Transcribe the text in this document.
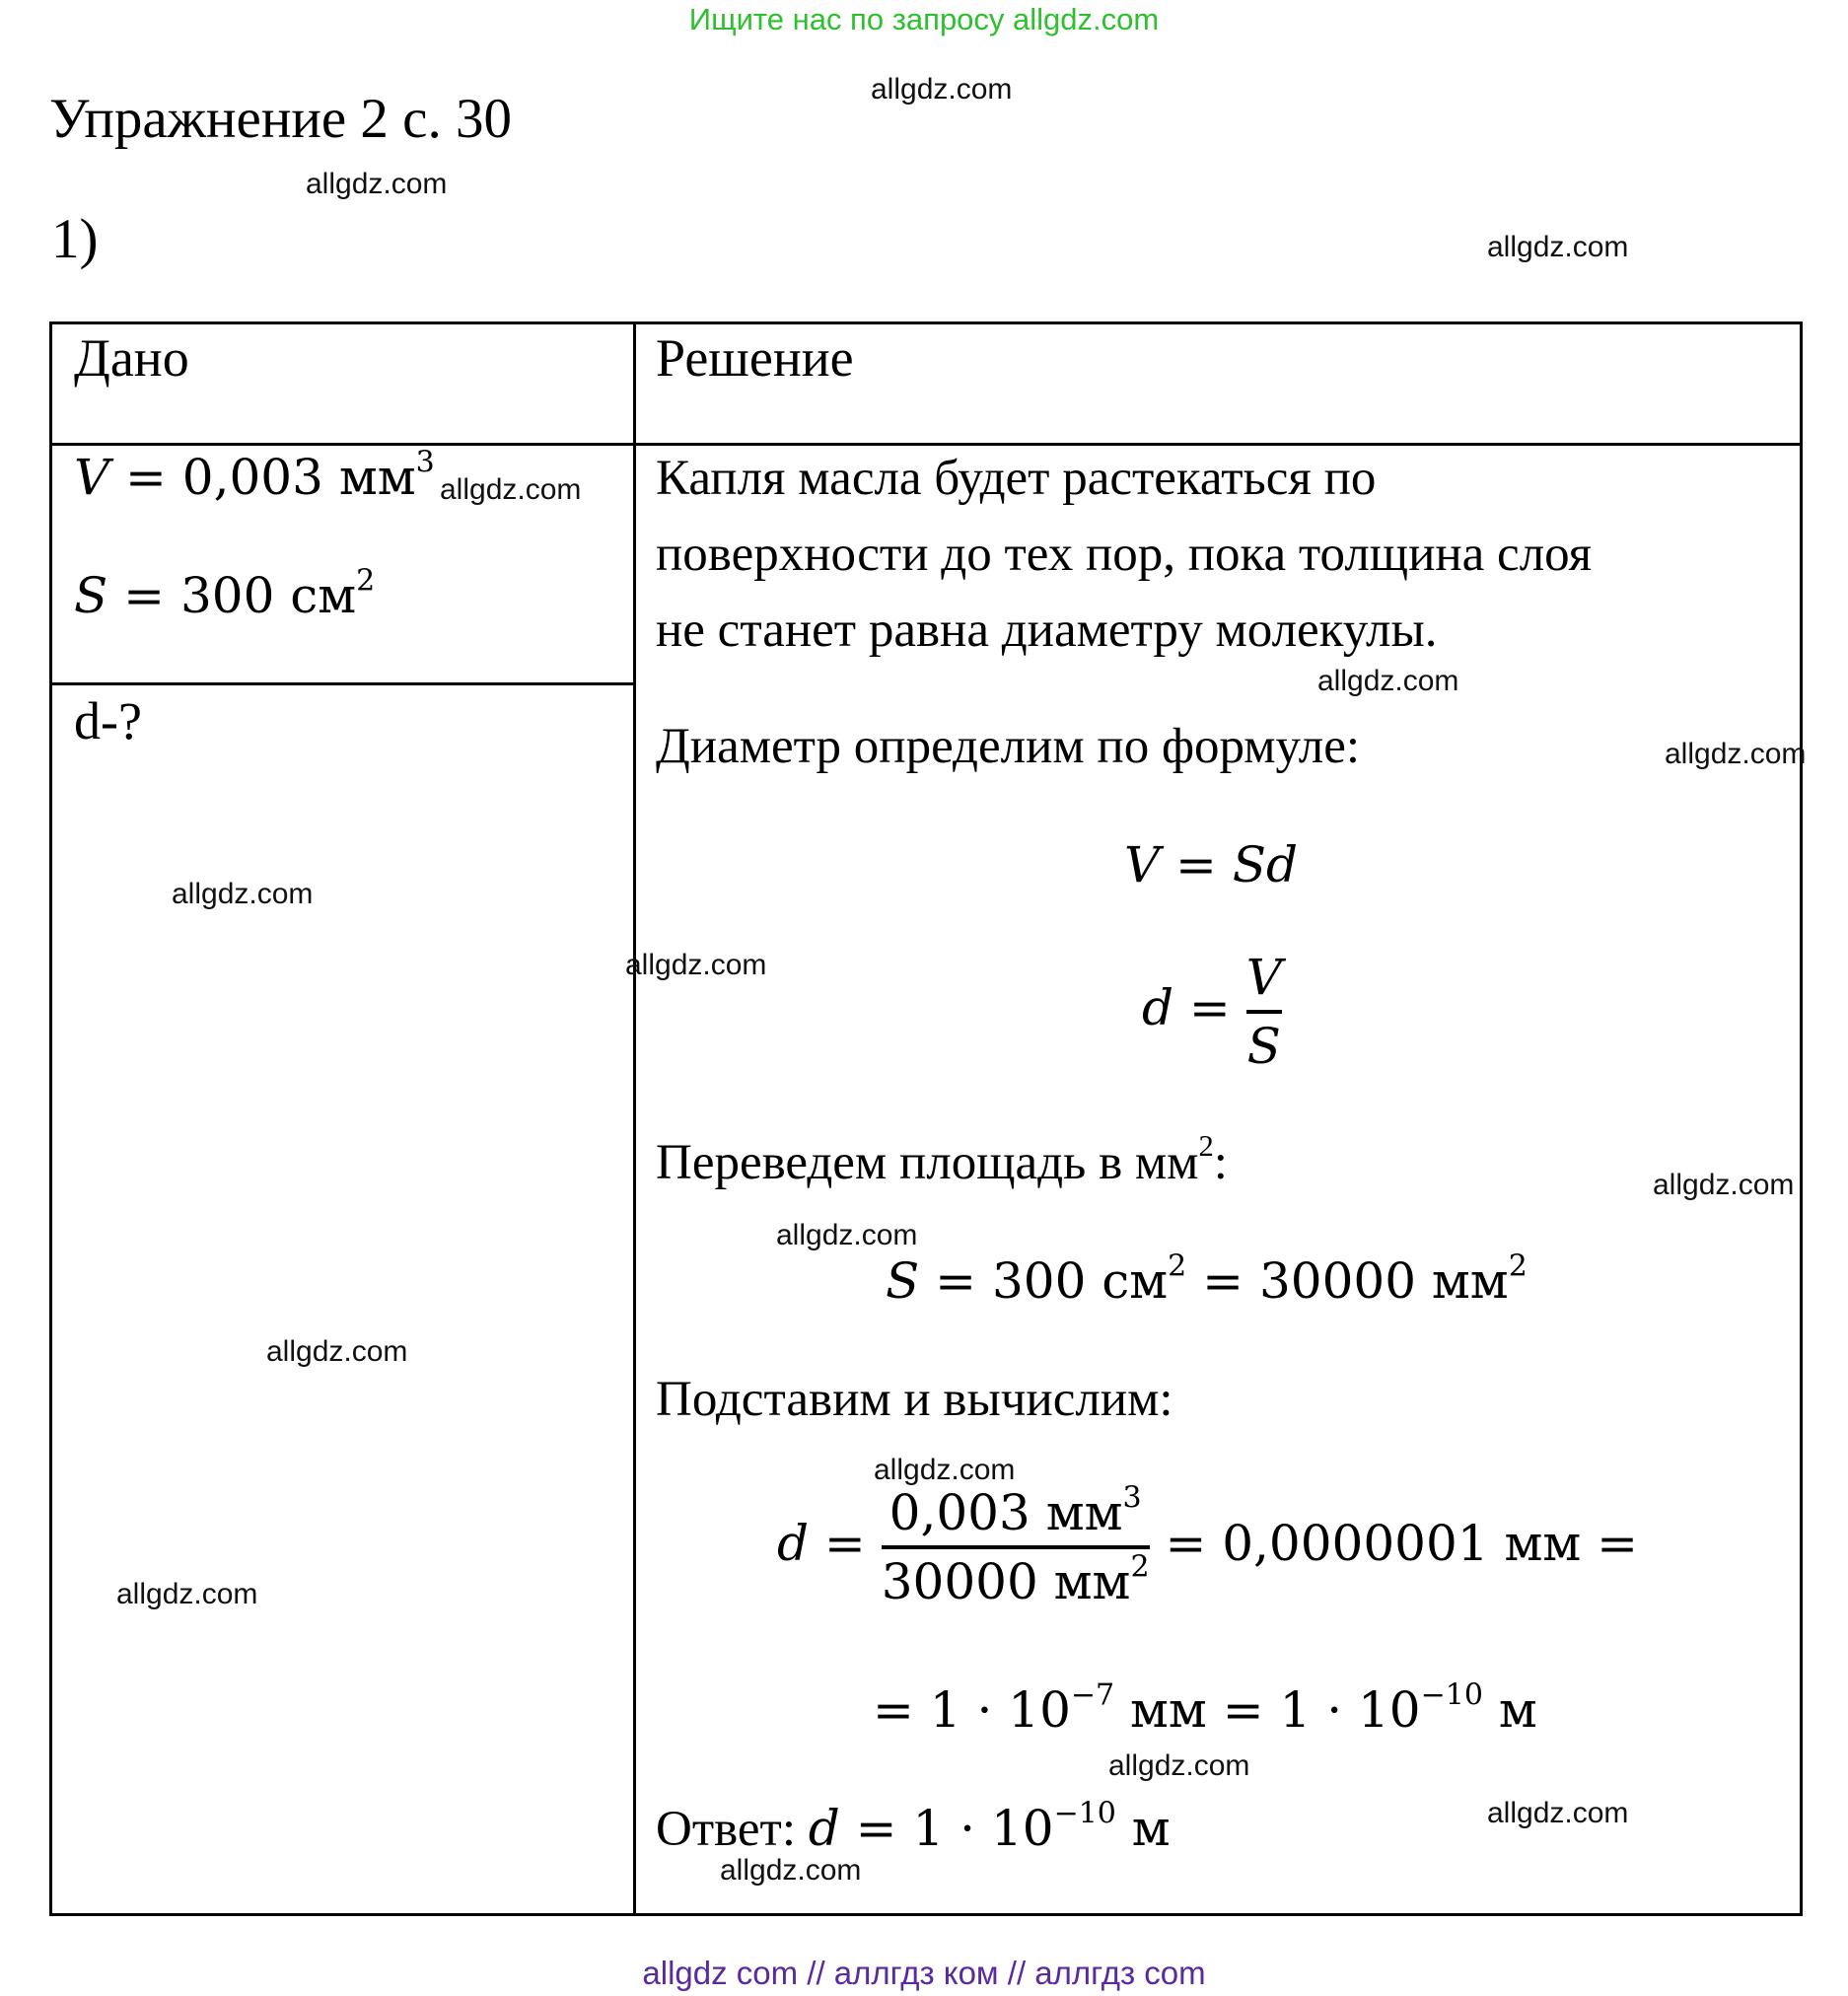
Ищите нас по запросу allgdz.com
Упражнение 2 с. 30
1)
Дано	Решение
V = 0,003 $мм^3$
S = 300 $см^2$
d-?
Капля масла будет растекаться по
поверхности до тех пор, пока толщина слоя
не станет равна диаметру молекулы.
Диаметр определим по формуле:
V = Sd
$d = \frac{V}{S}$
Переведем площадь в $мм^2$:
S = 300 $см^2 = 30000$ $мм^2$
Подставим и вычислим:
$d = \frac{0,003 мм^3}{30000 мм^2} = 0,0000001$ мм =
= $1 \cdot 10^{-7}$ мм = $1 \cdot 10^{-10}$ м
Ответ: $d = 1 \cdot 10^{-10}$ м
allgdz.com
allgdz.com
allgdz.com
allgdz.com
allgdz.com
allgdz.com
allgdz.com
allgdz.com
allgdz.com
allgdz.com
allgdz.com
allgdz.com
allgdz.com
allgdz.com
allgdz.com
allgdz.com
allgdz com // аллгдз ком // аллгдз com
